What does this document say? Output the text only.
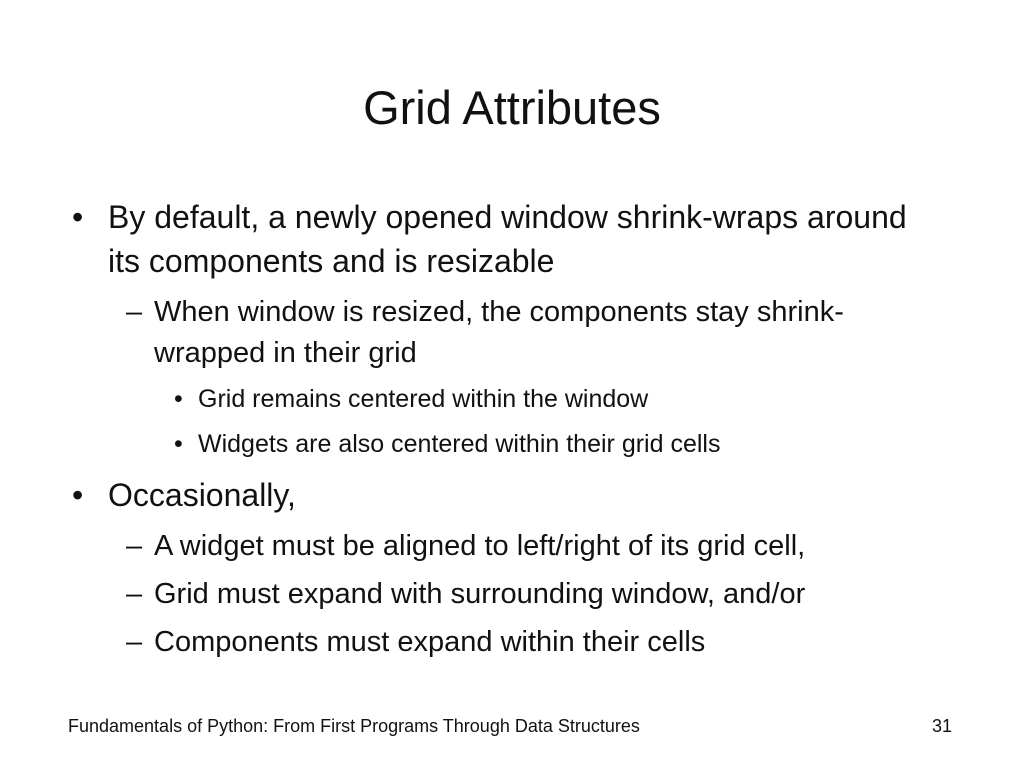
Grid Attributes

• By default, a newly opened window shrink-wraps around its components and is resizable

– When window is resized, the components stay shrink-wrapped in their grid

• Grid remains centered within the window

• Widgets are also centered within their grid cells

• Occasionally,

– A widget must be aligned to left/right of its grid cell,

– Grid must expand with surrounding window, and/or

– Components must expand within their cells

Fundamentals of Python: From First Programs Through Data Structures	31
